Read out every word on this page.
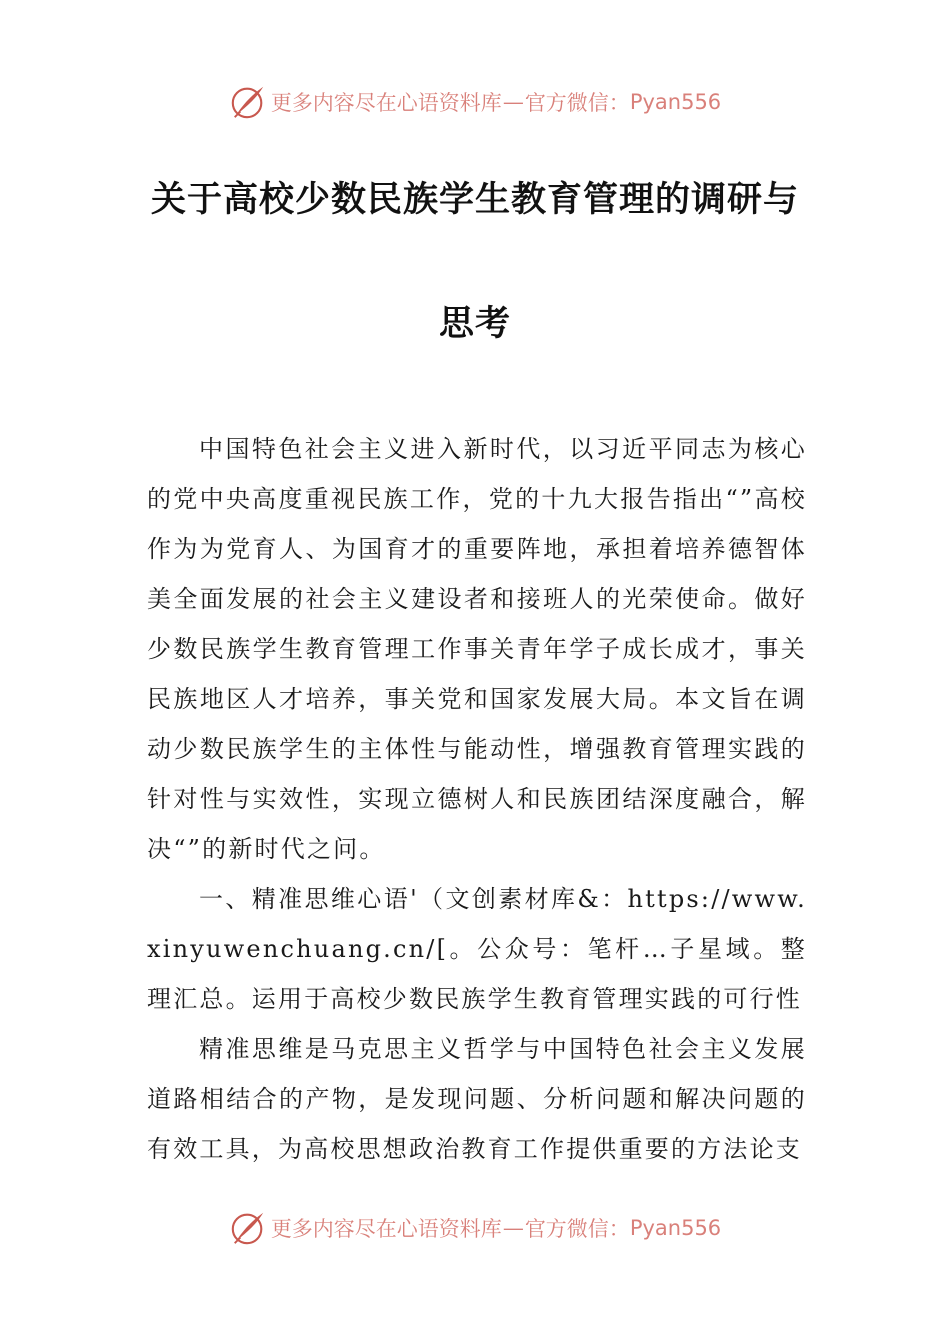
更多内容尽在心语资料库 — 官方微信： Pyan556
关于高校少数民族学生教育管理的调研与
思考

中国特色社会主义进入新时代，以习近平同志为核心的党中央高度重视民族工作，党的十九大报告指出“”高校作为为党育人、为国育才的重要阵地，承担着培养德智体美全面发展的社会主义建设者和接班人的光荣使命。做好少数民族学生教育管理工作事关青年学子成长成才，事关民族地区人才培养，事关党和国家发展大局。本文旨在调动少数民族学生的主体性与能动性，增强教育管理实践的针对性与实效性，实现立德树人和民族团结深度融合，解决“”的新时代之问。

一、精准思维心语'（文创素材库&：https://www.xinyuwenchuang.cn/[。公众号：笔杆…子星域。整理汇总。运用于高校少数民族学生教育管理实践的可行性

精准思维是马克思主义哲学与中国特色社会主义发展道路相结合的产物，是发现问题、分析问题和解决问题的有效工具，为高校思想政治教育工作提供重要的方法论支

更多内容尽在心语资料库 — 官方微信： Pyan556
